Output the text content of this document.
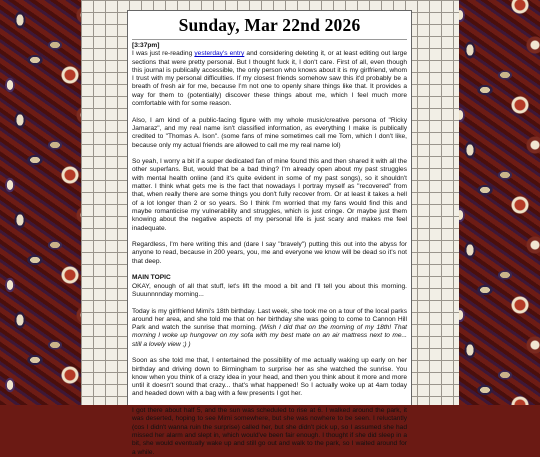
Sunday, Mar 22nd 2026
[3:37pm]

I was just re-reading yesterday's entry and considering deleting it, or at least editing out large sections that were pretty personal. But I thought fuck it, I don't care. First of all, even though this journal is publically accessible, the only person who knows about it is my girlfriend, whom I trust with my personal difficulties. If my closest friends somehow saw this it'd probably be a breath of fresh air for me, because I'm not one to openly share things like that. It provides a way for them to (potentially) discover these things about me, which I feel much more comfortable with for some reason.

Also, I am kind of a public-facing figure with my whole music/creative persona of "Ricky Jamaraz", and my real name isn't classified information, as everything I make is publically credited to "Thomas A. Ison". (some fans of mine sometimes call me Tom, which I don't like, because only my actual friends are allowed to call me my real name lol)

So yeah, I worry a bit if a super dedicated fan of mine found this and then shared it with all the other superfans. But, would that be a bad thing? I'm already open about my past struggles with mental health online (and it's quite evident in some of my past songs), so it shouldn't matter. I think what gets me is the fact that nowadays I portray myself as "recovered" from that, when really there are some things you don't fully recover from. Or at least it takes a hell of a lot longer than 2 or so years. So I think I'm worried that my fans would find this and maybe romanticise my vulnerability and struggles, which is just cringe. Or maybe just them knowing about the negative aspects of my personal life is just scary and makes me feel inadequate.

Regardless, I'm here writing this and (dare I say "bravely") putting this out into the abyss for anyone to read, because in 200 years, you, me and everyone we know will be dead so it's not that deep.

MAIN TOPIC
OKAY, enough of all that stuff, let's lift the mood a bit and I'll tell you about this morning. Suuunnnnday morning...

Today is my girlfriend Mimi's 18th birthday. Last week, she took me on a tour of the local parks around her area, and she told me that on her birthday she was going to come to Cannon Hill Park and watch the sunrise that morning. (Wish I did that on the morning of my 18th! That morning I woke up hungover on my sofa with my best mate on an air mattress next to me... still a lovely view ;) )

Soon as she told me that, I entertained the possibility of me actually waking up early on her birthday and driving down to Birmingham to surprise her as she watched the sunrise. You know when you think of a crazy idea in your head, and then you think about it more and more until it doesn't sound that crazy... that's what happened! So I actually woke up at 4am today and headed down with a bag with a few presents I got her.

I got there about half 5, and the sun was scheduled to rise at 6. I walked around the park, it was deserted, hoping to see Mimi somewhere, but she was nowhere to be seen. I reluctantly (cos I didn't wanna ruin the surprise) called her, but she didn't pick up, so I assumed she had missed her alarm and slept in, which would've been fair enough. I thought if she did sleep in a bit, she would eventually wake up and still go out and walk to the park, so I waited around for a while.
